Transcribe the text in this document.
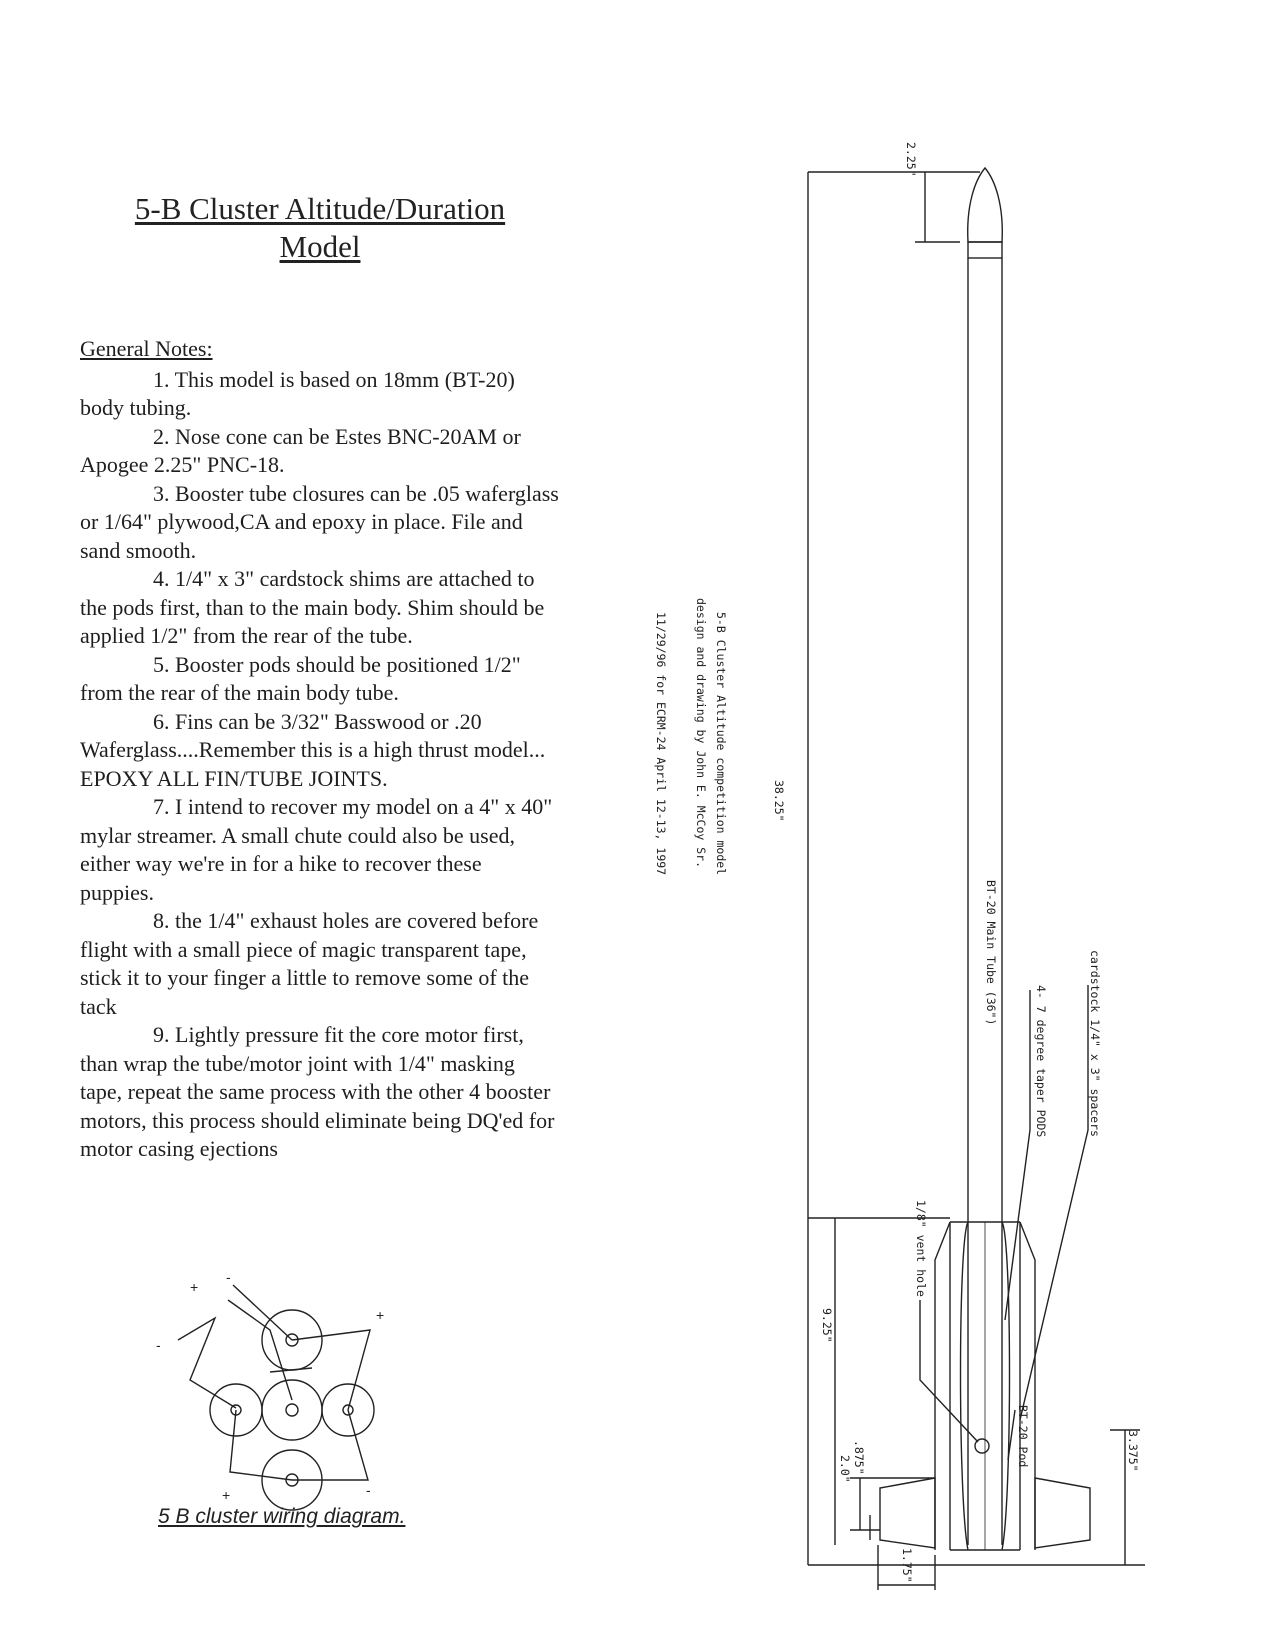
5-B Cluster Altitude/Duration
Model
General Notes:
1. This model is based on 18mm (BT-20) body tubing.
2. Nose cone can be Estes BNC-20AM or Apogee 2.25" PNC-18.
3. Booster tube closures can be .05 waferglass or 1/64" plywood,CA and epoxy in place. File and sand smooth.
4. 1/4" x 3" cardstock shims are attached to the pods first, than to the main body. Shim should be applied 1/2" from the rear of the tube.
5. Booster pods should be positioned 1/2" from the rear of the main body tube.
6. Fins can be 3/32" Basswood or .20 Waferglass....Remember this is a high thrust model... EPOXY ALL FIN/TUBE JOINTS.
7. I intend to recover my model on a 4" x 40" mylar streamer. A small chute could also be used, either way we're in for a hike to recover these puppies.
8. the 1/4" exhaust holes are covered before flight with a small piece of magic transparent tape, stick it to your finger a little to remove some of the tack
9. Lightly pressure fit the core motor first, than wrap the tube/motor joint with 1/4" masking tape, repeat the same process with the other 4 booster motors, this process should eliminate being DQ'ed for motor casing ejections
+
-
-
+
+	-
5-B Cluster Altitude competition model
design and drawing by John E. McCoy Sr.
11/29/96 for ECRM-24 April 12-13, 1997	38.25"
2.25"
9.25"
.875"
2.0"
1.75"
3.375"
BT-20 Main Tube (36")
4- 7 degree taper PODS	cardstock 1/4" x 3" spacers
1/8" vent hole
BT-20 Pod
5 B cluster wiring diagram.
